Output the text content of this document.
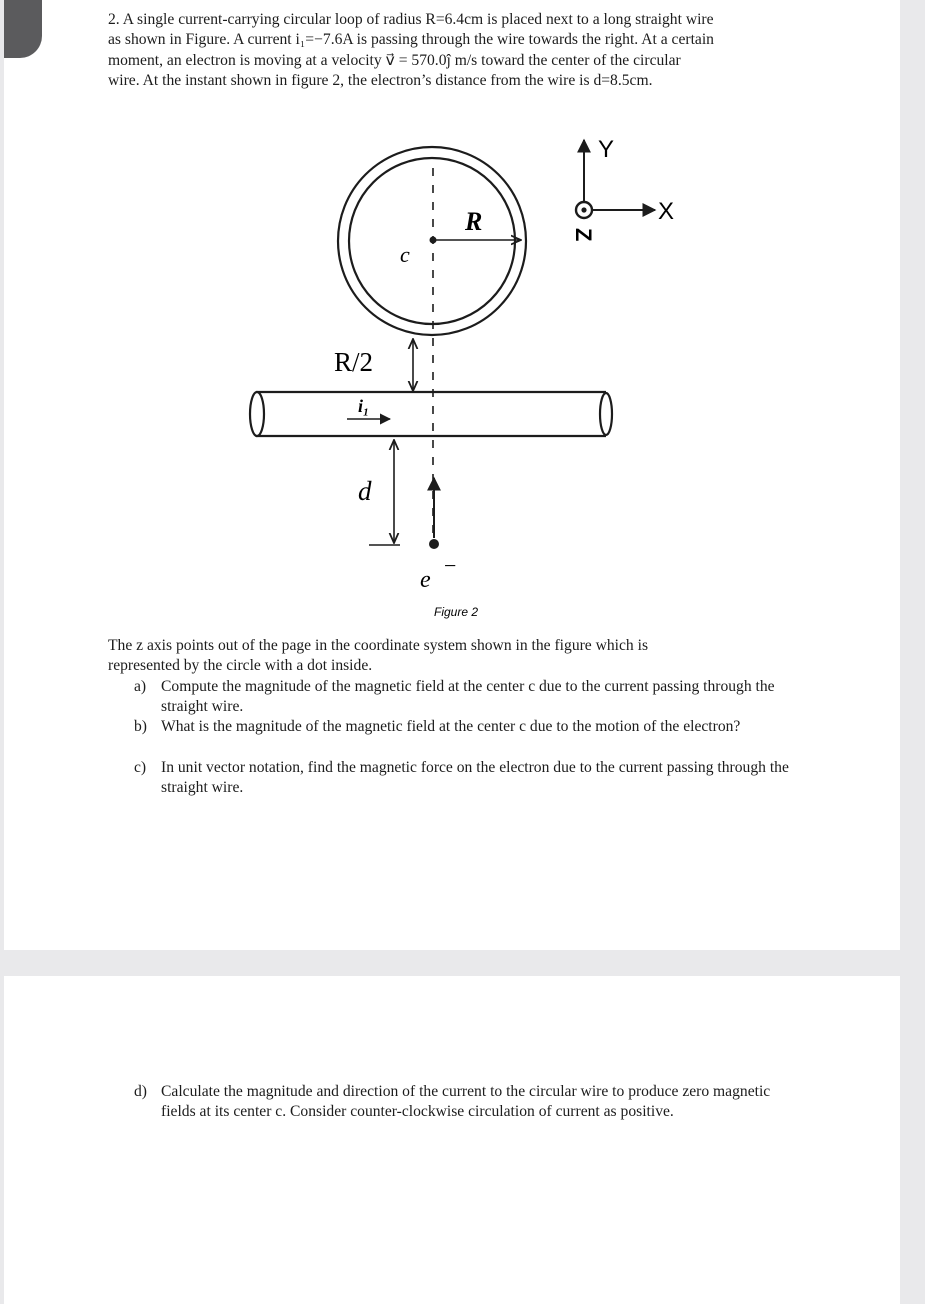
2. A single current-carrying circular loop of radius R=6.4cm is placed next to a long straight wire
as shown in Figure. A current i₁=−7.6A is passing through the wire towards the right. At a certain
moment, an electron is moving at a velocity v⃗ = 570.0ĵ m/s toward the center of the circular
wire. At the instant shown in figure 2, the electron’s distance from the wire is d=8.5cm.

R
c
R/2
i₁
d
e
−
Y
X
Z
Figure 2

The z axis points out of the page in the coordinate system shown in the figure which is
represented by the circle with a dot inside.

a) Compute the magnitude of the magnetic field at the center c due to the current passing through the straight wire.
b) What is the magnitude of the magnetic field at the center c due to the motion of the electron?
c) In unit vector notation, find the magnetic force on the electron due to the current passing through the straight wire.
d) Calculate the magnitude and direction of the current to the circular wire to produce zero magnetic fields at its center c. Consider counter-clockwise circulation of current as positive.
